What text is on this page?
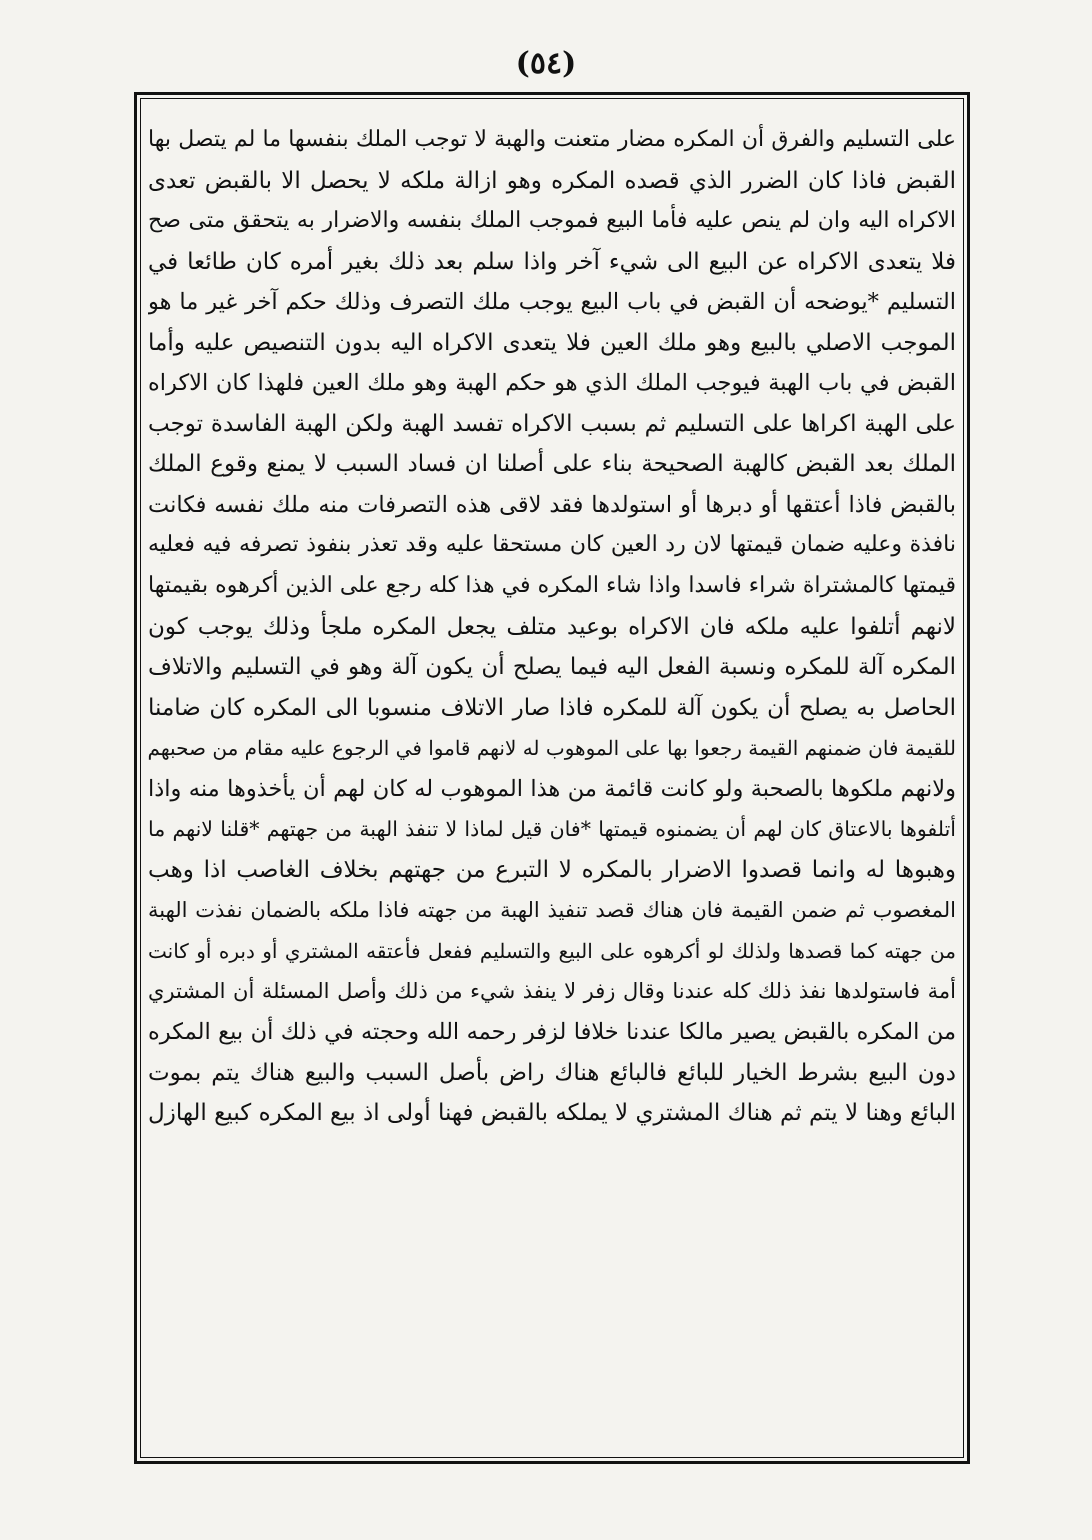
(٥٤)
على التسليم والفرق أن المكره مضار متعنت والهبة لا توجب الملك بنفسها ما لم يتصل بها
القبض فاذا كان الضرر الذي قصده المكره وهو ازالة ملكه لا يحصل الا بالقبض تعدى
الاكراه اليه وان لم ينص عليه فأما البيع فموجب الملك بنفسه والاضرار به يتحقق متى صح
فلا يتعدى الاكراه عن البيع الى شيء آخر واذا سلم بعد ذلك بغير أمره كان طائعا في
التسليم *يوضحه أن القبض في باب البيع يوجب ملك التصرف وذلك حكم آخر غير ما هو
الموجب الاصلي بالبيع وهو ملك العين فلا يتعدى الاكراه اليه بدون التنصيص عليه وأما
القبض في باب الهبة فيوجب الملك الذي هو حكم الهبة وهو ملك العين فلهذا كان الاكراه
على الهبة اكراها على التسليم ثم بسبب الاكراه تفسد الهبة ولكن الهبة الفاسدة توجب
الملك بعد القبض كالهبة الصحيحة بناء على أصلنا ان فساد السبب لا يمنع وقوع الملك
بالقبض فاذا أعتقها أو دبرها أو استولدها فقد لاقى هذه التصرفات منه ملك نفسه فكانت
نافذة وعليه ضمان قيمتها لان رد العين كان مستحقا عليه وقد تعذر بنفوذ تصرفه فيه فعليه
قيمتها كالمشتراة شراء فاسدا واذا شاء المكره في هذا كله رجع على الذين أكرهوه بقيمتها
لانهم أتلفوا عليه ملكه فان الاكراه بوعيد متلف يجعل المكره ملجأ وذلك يوجب كون
المكره آلة للمكره ونسبة الفعل اليه فيما يصلح أن يكون آلة وهو في التسليم والاتلاف
الحاصل به يصلح أن يكون آلة للمكره فاذا صار الاتلاف منسوبا الى المكره كان ضامنا
للقيمة فان ضمنهم القيمة رجعوا بها على الموهوب له لانهم قاموا في الرجوع عليه مقام من صحبهم
ولانهم ملكوها بالصحبة ولو كانت قائمة من هذا الموهوب له كان لهم أن يأخذوها منه واذا
أتلفوها بالاعتاق كان لهم أن يضمنوه قيمتها *فان قيل لماذا لا تنفذ الهبة من جهتهم *قلنا لانهم ما
وهبوها له وانما قصدوا الاضرار بالمكره لا التبرع من جهتهم بخلاف الغاصب اذا وهب
المغصوب ثم ضمن القيمة فان هناك قصد تنفيذ الهبة من جهته فاذا ملكه بالضمان نفذت الهبة
من جهته كما قصدها ولذلك لو أكرهوه على البيع والتسليم ففعل فأعتقه المشتري أو دبره أو كانت
أمة فاستولدها نفذ ذلك كله عندنا وقال زفر لا ينفذ شيء من ذلك وأصل المسئلة أن المشتري
من المكره بالقبض يصير مالكا عندنا خلافا لزفر رحمه الله وحجته في ذلك أن بيع المكره
دون البيع بشرط الخيار للبائع فالبائع هناك راض بأصل السبب والبيع هناك يتم بموت
البائع وهنا لا يتم ثم هناك المشتري لا يملكه بالقبض فهنا أولى اذ بيع المكره كبيع الهازل
